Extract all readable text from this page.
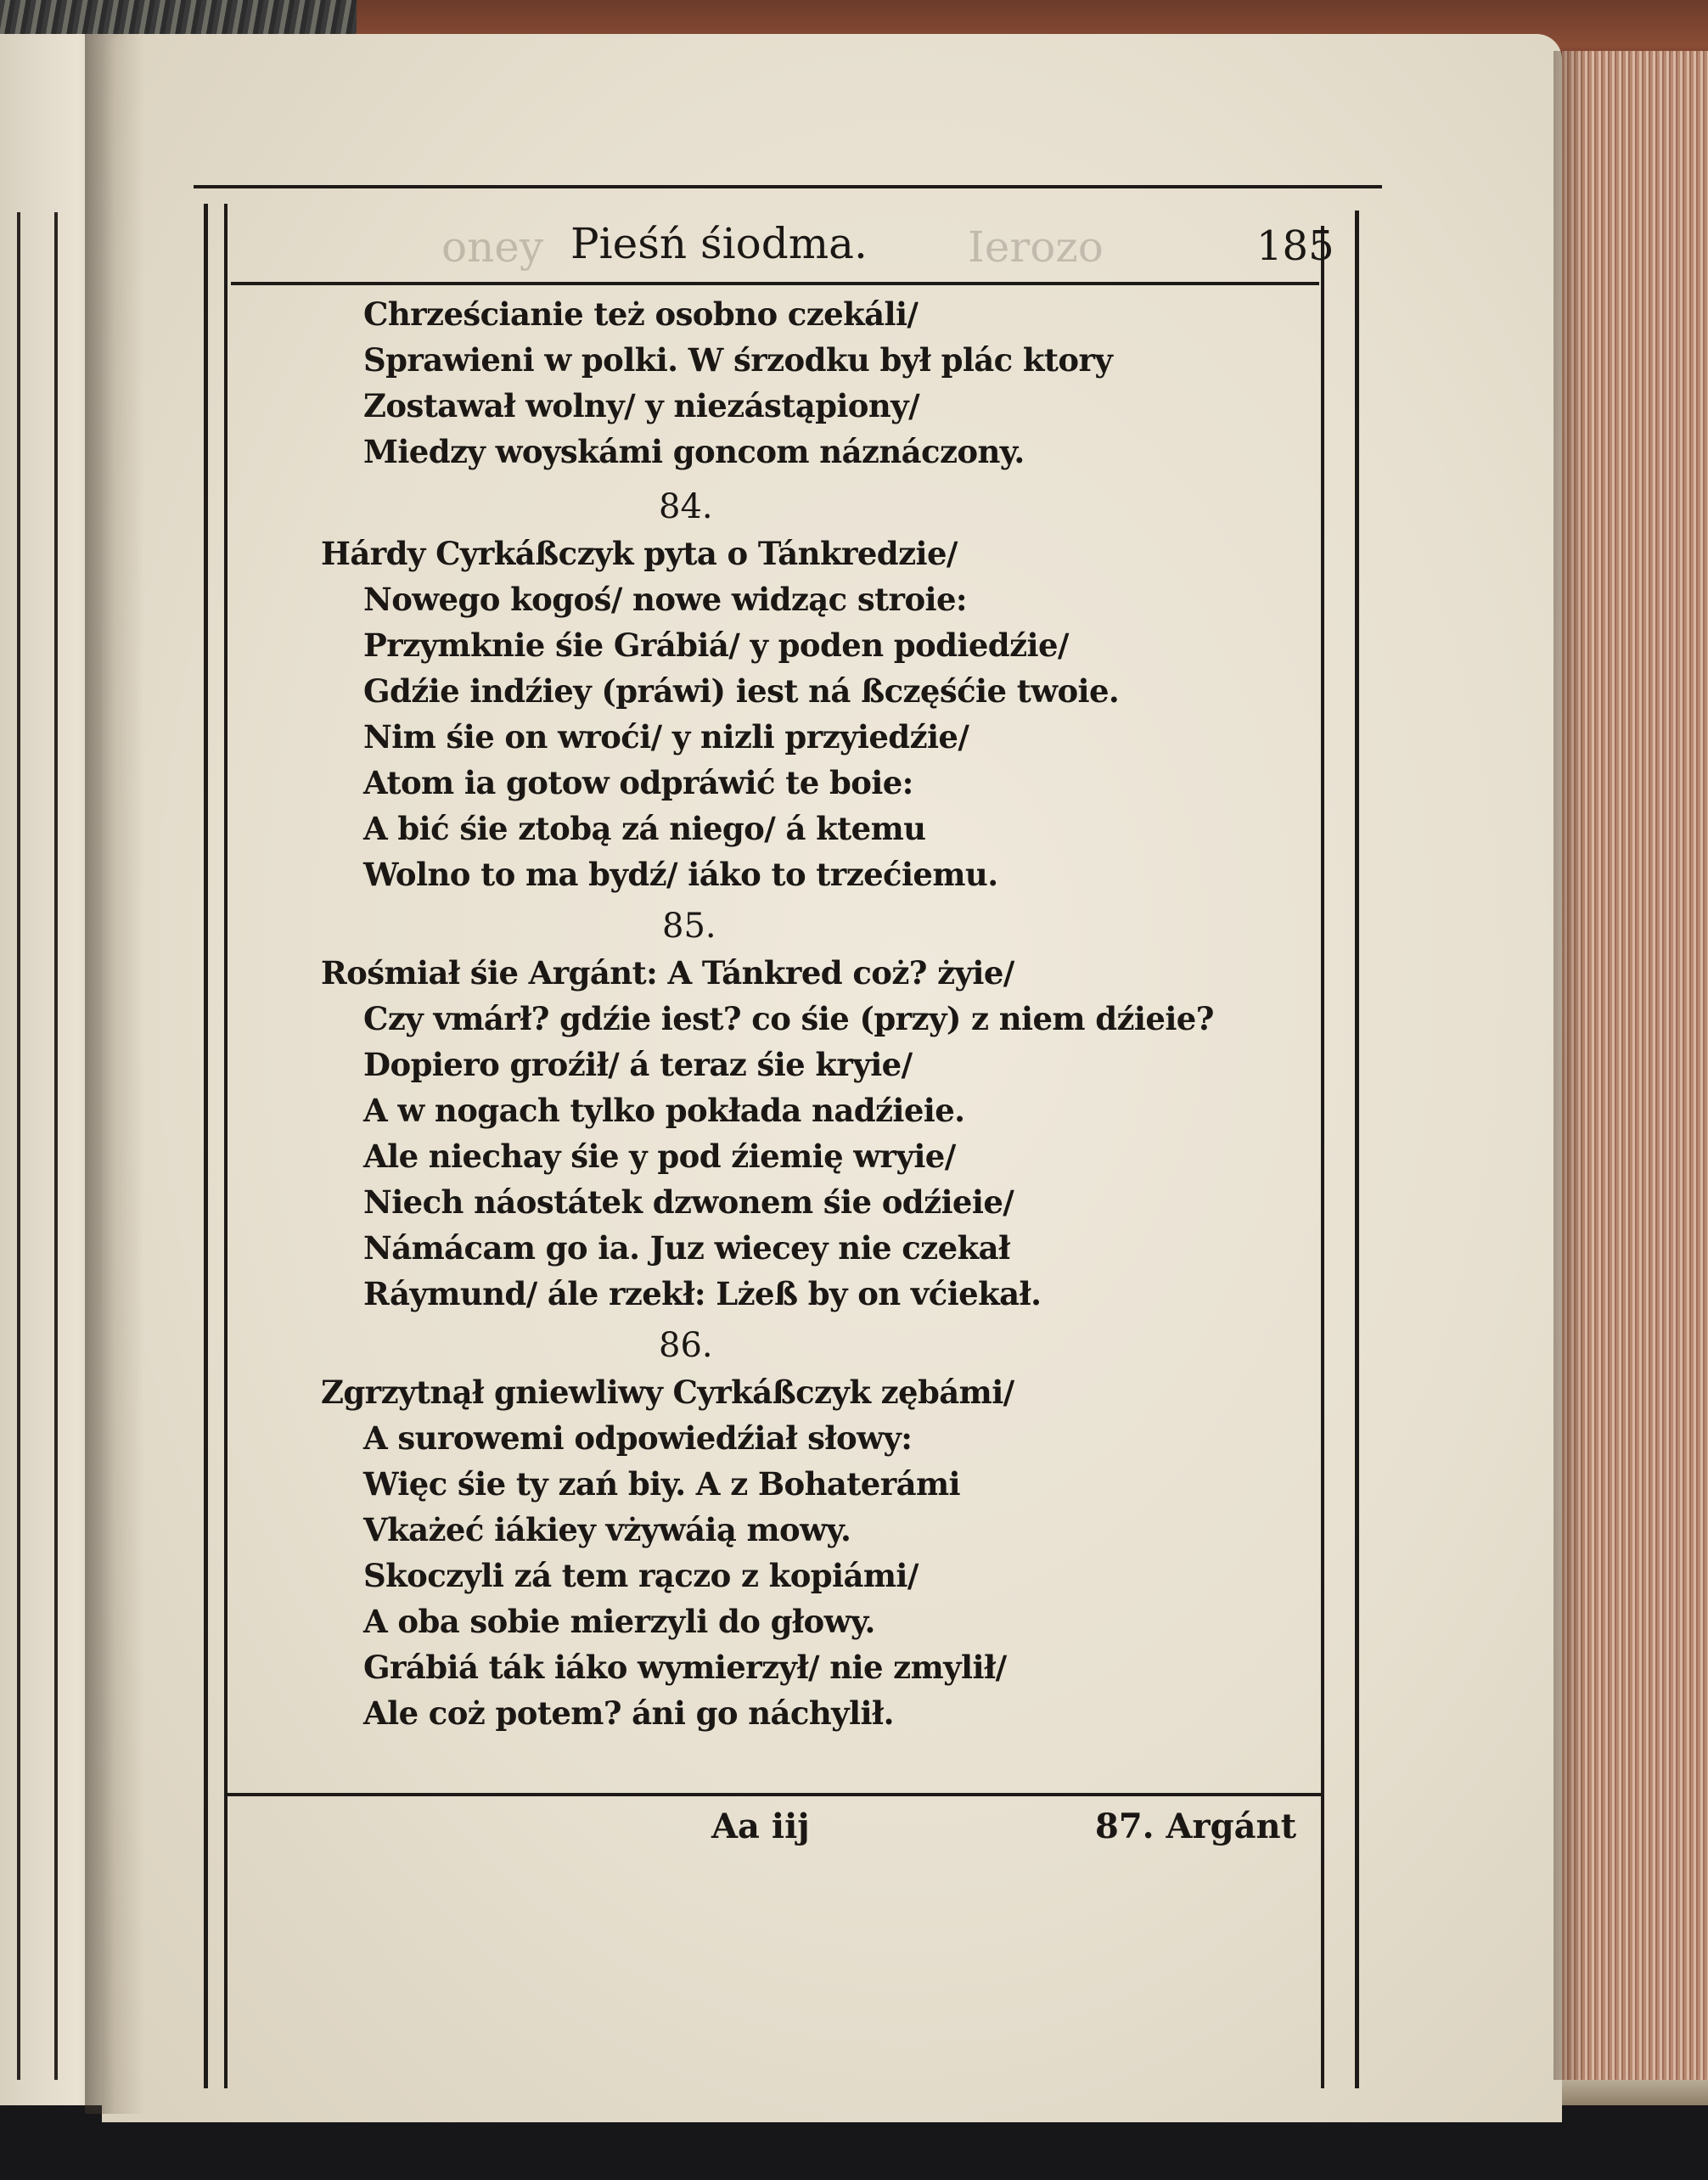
oney	Ierozo
Pieśń śiodma.	185
Chrześcianie też osobno czekáli/
Sprawieni w polki. W śrzodku był plác ktory
Zostawał wolny/ y niezástąpiony/
Miedzy woyskámi goncom náznáczony.
84.
Hárdy Cyrkáßczyk pyta o Tánkredzie/
Nowego kogoś/ nowe widząc stroie:
Przymknie śie Grábiá/ y poden podiedźie/
Gdźie indźiey (práwi) iest ná ßczęśćie twoie.
Nim śie on wroći/ y nizli przyiedźie/
Atom ia gotow odpráwić te boie:
A bić śie ztobą zá niego/ á ktemu
Wolno to ma bydź/ iáko to trzećiemu.
85.
Rośmiał śie Argánt: A Tánkred coż? żyie/
Czy vmárł? gdźie iest? co śie (przy) z niem dźieie?
Dopiero groźił/ á teraz śie kryie/
A w nogach tylko pokłada nadźieie.
Ale niechay śie y pod źiemię wryie/
Niech náostátek dzwonem śie odźieie/
Námácam go ia. Juz wiecey nie czekał
Ráymund/ ále rzekł: Lżeß by on vćiekał.
86.
Zgrzytnął gniewliwy Cyrkáßczyk zębámi/
A surowemi odpowiedźiał słowy:
Więc śie ty zań biy. A z Bohaterámi
Vkażeć iákiey vżywáią mowy.
Skoczyli zá tem rączo z kopiámi/
A oba sobie mierzyli do głowy.
Grábiá ták iáko wymierzył/ nie zmylił/
Ale coż potem? áni go náchylił.
Aa iij	87. Argánt
